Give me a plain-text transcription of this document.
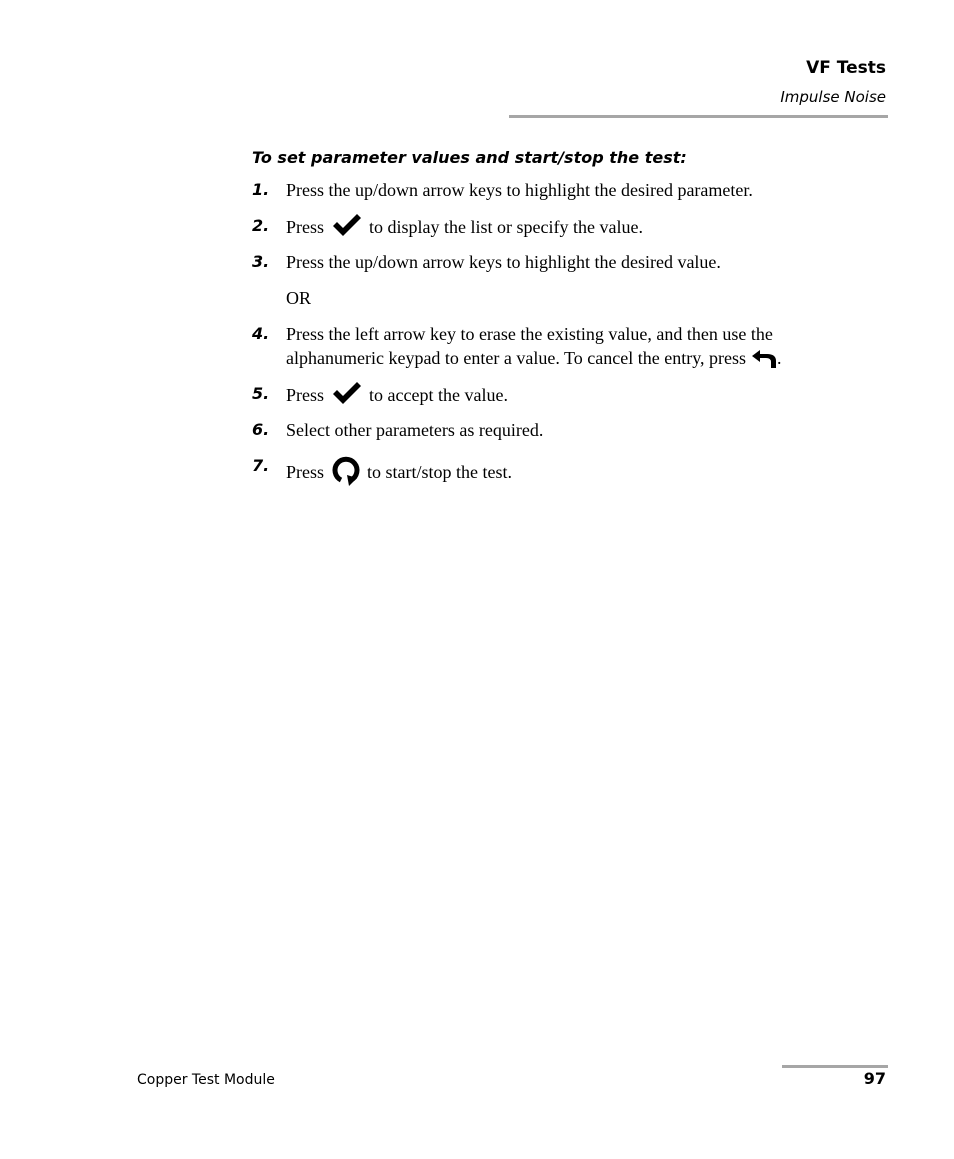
VF Tests
Impulse Noise
To set parameter values and start/stop the test:
1. Press the up/down arrow keys to highlight the desired parameter.
2. Press	to display the list or specify the value.
3. Press the up/down arrow keys to highlight the desired value.
OR
4. Press the left arrow key to erase the existing value, and then use the
alphanumeric keypad to enter a value. To cancel the entry, press .
5. Press	to accept the value.
6. Select other parameters as required.
7. Press to start/stop the test.
Copper Test Module	97
